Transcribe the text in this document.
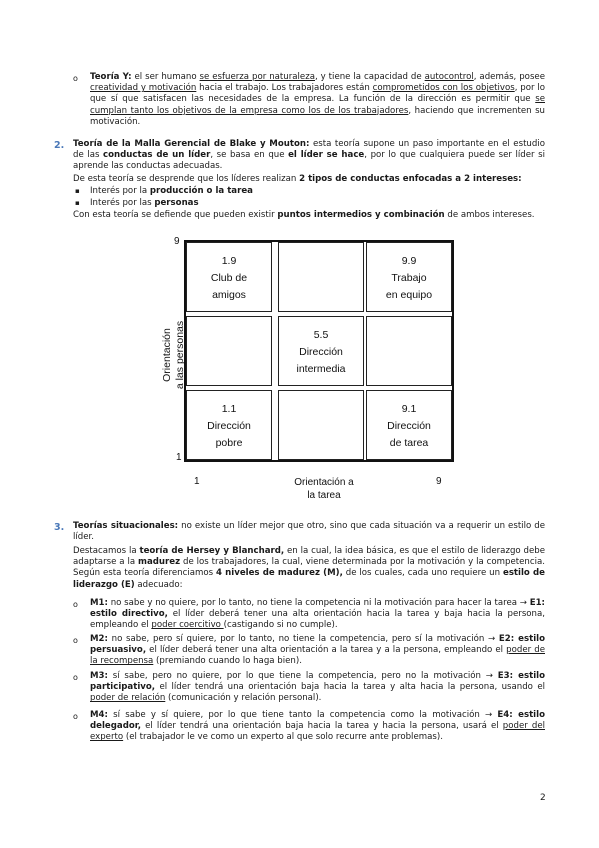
o Teoría Y: el ser humano se esfuerza por naturaleza, y tiene la capacidad de autocontrol, además, posee creatividad y motivación hacia el trabajo. Los trabajadores están comprometidos con los objetivos, por lo que sí que satisfacen las necesidades de la empresa. La función de la dirección es permitir que se cumplan tanto los objetivos de la empresa como los de los trabajadores, haciendo que incrementen su motivación.
2. Teoría de la Malla Gerencial de Blake y Mouton: esta teoría supone un paso importante en el estudio de las conductas de un líder, se basa en que el líder se hace, por lo que cualquiera puede ser líder si aprende las conductas adecuadas.
De esta teoría se desprende que los líderes realizan 2 tipos de conductas enfocadas a 2 intereses:
▪ Interés por la producción o la tarea
▪ Interés por las personas
Con esta teoría se defiende que pueden existir puntos intermedios y combinación de ambos intereses.
9
1
Orientación a las personas
1.9
Club de
amigos
9.9
Trabajo
en equipo
5.5
Dirección
intermedia
1.1
Dirección
pobre
9.1
Dirección
de tarea
1	9
Orientación a
la tarea
3. Teorías situacionales: no existe un líder mejor que otro, sino que cada situación va a requerir un estilo de líder.
Destacamos la teoría de Hersey y Blanchard, en la cual, la idea básica, es que el estilo de liderazgo debe adaptarse a la madurez de los trabajadores, la cual, viene determinada por la motivación y la competencia. Según esta teoría diferenciamos 4 niveles de madurez (M), de los cuales, cada uno requiere un estilo de liderazgo (E) adecuado:
o M1: no sabe y no quiere, por lo tanto, no tiene la competencia ni la motivación para hacer la tarea → E1: estilo directivo, el líder deberá tener una alta orientación hacia la tarea y baja hacia la persona, empleando el poder coercitivo (castigando si no cumple).
o M2: no sabe, pero sí quiere, por lo tanto, no tiene la competencia, pero sí la motivación → E2: estilo persuasivo, el líder deberá tener una alta orientación a la tarea y a la persona, empleando el poder de la recompensa (premiando cuando lo haga bien).
o M3: sí sabe, pero no quiere, por lo que tiene la competencia, pero no la motivación → E3: estilo participativo, el líder tendrá una orientación baja hacia la tarea y alta hacia la persona, usando el poder de relación (comunicación y relación personal).
o M4: sí sabe y sí quiere, por lo que tiene tanto la competencia como la motivación → E4: estilo delegador, el líder tendrá una orientación baja hacia la tarea y hacia la persona, usará el poder del experto (el trabajador le ve como un experto al que solo recurre ante problemas).
2
